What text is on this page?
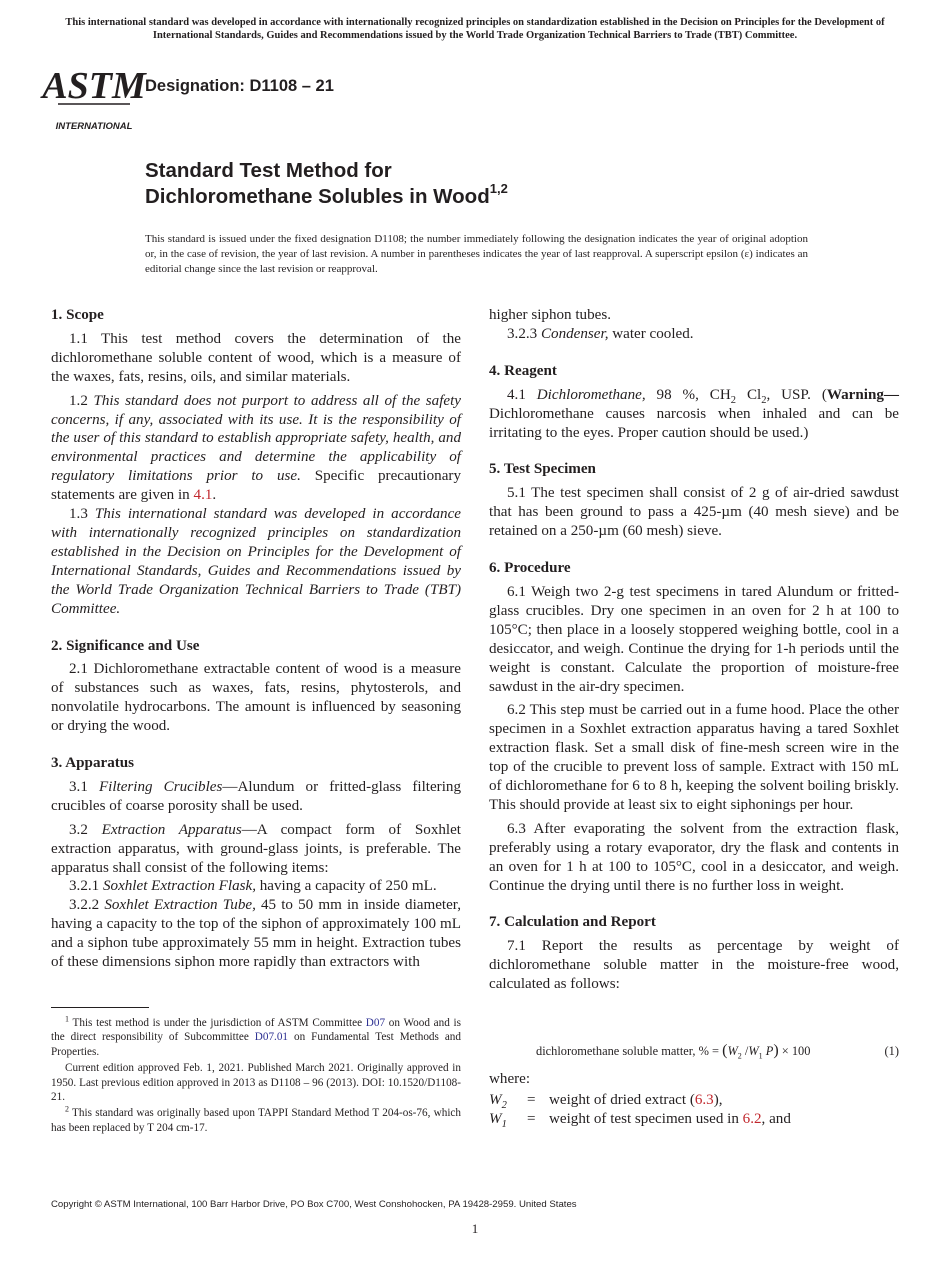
This international standard was developed in accordance with internationally recognized principles on standardization established in the Decision on Principles for the Development of International Standards, Guides and Recommendations issued by the World Trade Organization Technical Barriers to Trade (TBT) Committee.
ASTM
INTERNATIONAL
Designation: D1108 – 21
Standard Test Method for
Dichloromethane Solubles in Wood$^{1,2}$
This standard is issued under the fixed designation D1108; the number immediately following the designation indicates the year of original adoption or, in the case of revision, the year of last revision. A number in parentheses indicates the year of last reapproval. A superscript epsilon (ε) indicates an editorial change since the last revision or reapproval.
1. Scope

1.1 This test method covers the determination of the dichloromethane soluble content of wood, which is a measure of the waxes, fats, resins, oils, and similar materials.

1.2 This standard does not purport to address all of the safety concerns, if any, associated with its use. It is the responsibility of the user of this standard to establish appropriate safety, health, and environmental practices and determine the applicability of regulatory limitations prior to use. Specific precautionary statements are given in 4.1.

1.3 This international standard was developed in accordance with internationally recognized principles on standardization established in the Decision on Principles for the Development of International Standards, Guides and Recommendations issued by the World Trade Organization Technical Barriers to Trade (TBT) Committee.

2. Significance and Use

2.1 Dichloromethane extractable content of wood is a measure of substances such as waxes, fats, resins, phytosterols, and nonvolatile hydrocarbons. The amount is influenced by seasoning or drying the wood.

3. Apparatus

3.1 Filtering Crucibles—Alundum or fritted-glass filtering crucibles of coarse porosity shall be used.

3.2 Extraction Apparatus—A compact form of Soxhlet extraction apparatus, with ground-glass joints, is preferable. The apparatus shall consist of the following items:

3.2.1 Soxhlet Extraction Flask, having a capacity of 250 mL.

3.2.2 Soxhlet Extraction Tube, 45 to 50 mm in inside diameter, having a capacity to the top of the siphon of approximately 100 mL and a siphon tube approximately 55 mm in height. Extraction tubes of these dimensions siphon more rapidly than extractors with

higher siphon tubes.

3.2.3 Condenser, water cooled.

4. Reagent

4.1 Dichloromethane, 98 %, $CH_2$ $Cl_2$, USP. (Warning—Dichloromethane causes narcosis when inhaled and can be irritating to the eyes. Proper caution should be used.)

5. Test Specimen

5.1 The test specimen shall consist of 2 g of air-dried sawdust that has been ground to pass a 425-µm (40 mesh sieve) and be retained on a 250-µm (60 mesh) sieve.

6. Procedure

6.1 Weigh two 2-g test specimens in tared Alundum or fritted-glass crucibles. Dry one specimen in an oven for 2 h at 100 to 105°C; then place in a loosely stoppered weighing bottle, cool in a desiccator, and weigh. Continue the drying for 1-h periods until the weight is constant. Calculate the proportion of moisture-free sawdust in the air-dry specimen.

6.2 This step must be carried out in a fume hood. Place the other specimen in a Soxhlet extraction apparatus having a tared Soxhlet extraction flask. Set a small disk of fine-mesh screen wire in the top of the crucible to prevent loss of sample. Extract with 150 mL of dichloromethane for 6 to 8 h, keeping the solvent boiling briskly. This should provide at least six to eight siphonings per hour.

6.3 After evaporating the solvent from the extraction flask, preferably using a rotary evaporator, dry the flask and contents in an oven for 1 h at 100 to 105°C, cool in a desiccator, and weigh. Continue the drying until there is no further loss in weight.

7. Calculation and Report

7.1 Report the results as percentage by weight of dichloromethane soluble matter in the moisture-free wood, calculated as follows:

dichloromethane soluble matter, % = ($W_2$ $/W_1$ P) × 100	(1)
where:
$W_2$ = weight of dried extract (6.3),
$W_1$ = weight of test specimen used in 6.2, and

$^1$ This test method is under the jurisdiction of ASTM Committee D07 on Wood and is the direct responsibility of Subcommittee D07.01 on Fundamental Test Methods and Properties.

Current edition approved Feb. 1, 2021. Published March 2021. Originally approved in 1950. Last previous edition approved in 2013 as D1108 – 96 (2013). DOI: 10.1520/D1108-21.

$^2$ This standard was originally based upon TAPPI Standard Method T 204-os-76, which has been replaced by T 204 cm-17.

Copyright © ASTM International, 100 Barr Harbor Drive, PO Box C700, West Conshohocken, PA 19428-2959. United States
1
